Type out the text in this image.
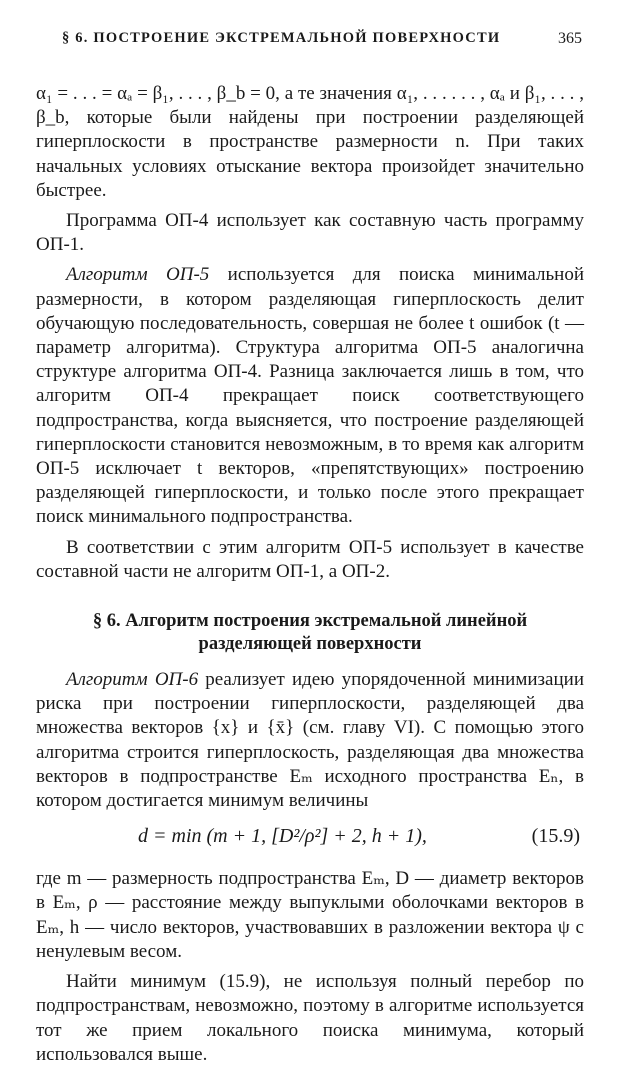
§ 6. ПОСТРОЕНИЕ ЭКСТРЕМАЛЬНОЙ ПОВЕРХНОСТИ	365

α₁ = . . . = αₐ = β₁, . . . , β_b = 0, а те значения α₁, . . . . . . , αₐ и β₁, . . . , β_b, которые были найдены при построении разделяющей гиперплоскости в пространстве размерности n. При таких начальных условиях отыскание вектора произойдет значительно быстрее.

Программа ОП-4 использует как составную часть программу ОП-1.

Алгоритм ОП-5 используется для поиска минимальной размерности, в котором разделяющая гиперплоскость делит обучающую последовательность, совершая не более t ошибок (t — параметр алгоритма). Структура алгоритма ОП-5 аналогична структуре алгоритма ОП-4. Разница заключается лишь в том, что алгоритм ОП-4 прекращает поиск соответствующего подпространства, когда выясняется, что построение разделяющей гиперплоскости становится невозможным, в то время как алгоритм ОП-5 исключает t векторов, «препятствующих» построению разделяющей гиперплоскости, и только после этого прекращает поиск минимального подпространства.

В соответствии с этим алгоритм ОП-5 использует в качестве составной части не алгоритм ОП-1, а ОП-2.

§ 6. Алгоритм построения экстремальной линейной разделяющей поверхности

Алгоритм ОП-6 реализует идею упорядоченной минимизации риска при построении гиперплоскости, разделяющей два множества векторов {x} и {x̄} (см. главу VI). С помощью этого алгоритма строится гиперплоскость, разделяющая два множества векторов в подпространстве Eₘ исходного пространства Eₙ, в котором достигается минимум величины

d = min (m + 1, [D²/ρ²] + 2, h + 1),	(15.9)

где m — размерность подпространства Eₘ, D — диаметр векторов в Eₘ, ρ — расстояние между выпуклыми оболочками векторов в Eₘ, h — число векторов, участвовавших в разложении вектора ψ с ненулевым весом.

Найти минимум (15.9), не используя полный перебор по подпространствам, невозможно, поэтому в алгоритме используется тот же прием локального поиска минимума, который использовался выше.
